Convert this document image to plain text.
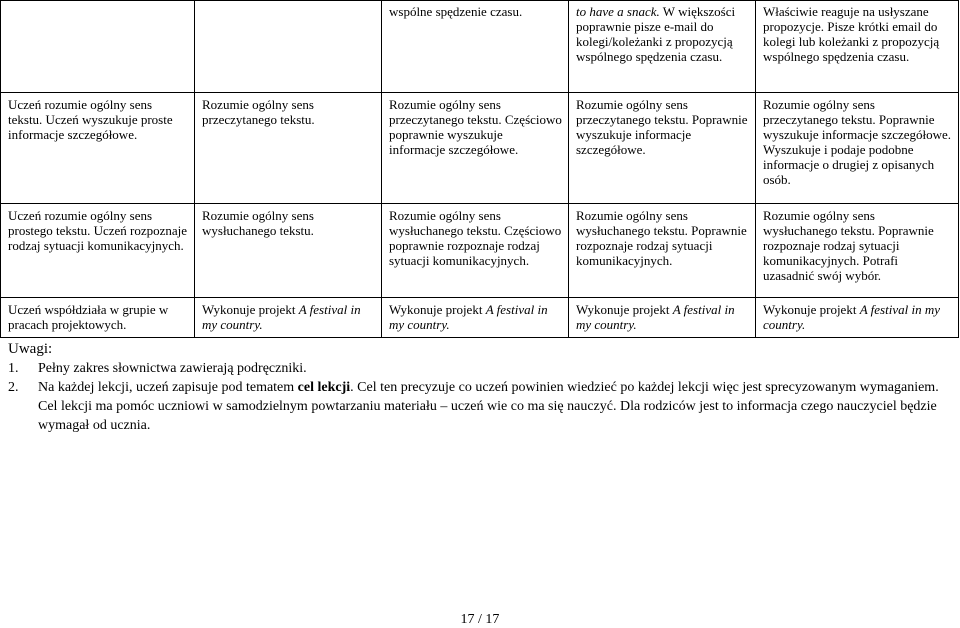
		wspólne spędzenie czasu.	to have a snack. W większości poprawnie pisze e-mail do kolegi/koleżanki z propozycją wspólnego spędzenia czasu.	Właściwie reaguje na usłyszane propozycje. Pisze krótki email do kolegi lub koleżanki z propozycją wspólnego spędzenia czasu.
Uczeń rozumie ogólny sens tekstu. Uczeń wyszukuje proste informacje szczegółowe.	Rozumie ogólny sens przeczytanego tekstu.	Rozumie ogólny sens przeczytanego tekstu. Częściowo poprawnie wyszukuje informacje szczegółowe.	Rozumie ogólny sens przeczytanego tekstu. Poprawnie wyszukuje informacje szczegółowe.	Rozumie ogólny sens przeczytanego tekstu. Poprawnie wyszukuje informacje szczegółowe. Wyszukuje i podaje podobne informacje o drugiej z opisanych osób.
Uczeń rozumie ogólny sens prostego tekstu. Uczeń rozpoznaje rodzaj sytuacji komunikacyjnych.	Rozumie ogólny sens wysłuchanego tekstu.	Rozumie ogólny sens wysłuchanego tekstu. Częściowo poprawnie rozpoznaje rodzaj sytuacji komunikacyjnych.	Rozumie ogólny sens wysłuchanego tekstu. Poprawnie rozpoznaje rodzaj sytuacji komunikacyjnych.	Rozumie ogólny sens wysłuchanego tekstu. Poprawnie rozpoznaje rodzaj sytuacji komunikacyjnych. Potrafi uzasadnić swój wybór.
Uczeń współdziała w grupie w pracach projektowych.	Wykonuje projekt A festival in my country.	Wykonuje projekt A festival in my country.	Wykonuje projekt A festival in my country.	Wykonuje projekt A festival in my country.
Uwagi:
1.	Pełny zakres słownictwa zawierają podręczniki.
2.	Na każdej lekcji, uczeń zapisuje pod tematem cel lekcji. Cel ten precyzuje co uczeń powinien wiedzieć po każdej lekcji więc jest sprecyzowanym wymaganiem. Cel lekcji ma pomóc uczniowi w samodzielnym powtarzaniu materiału – uczeń wie co ma się nauczyć. Dla rodziców jest to informacja czego nauczyciel będzie wymagał od ucznia.
17 / 17
